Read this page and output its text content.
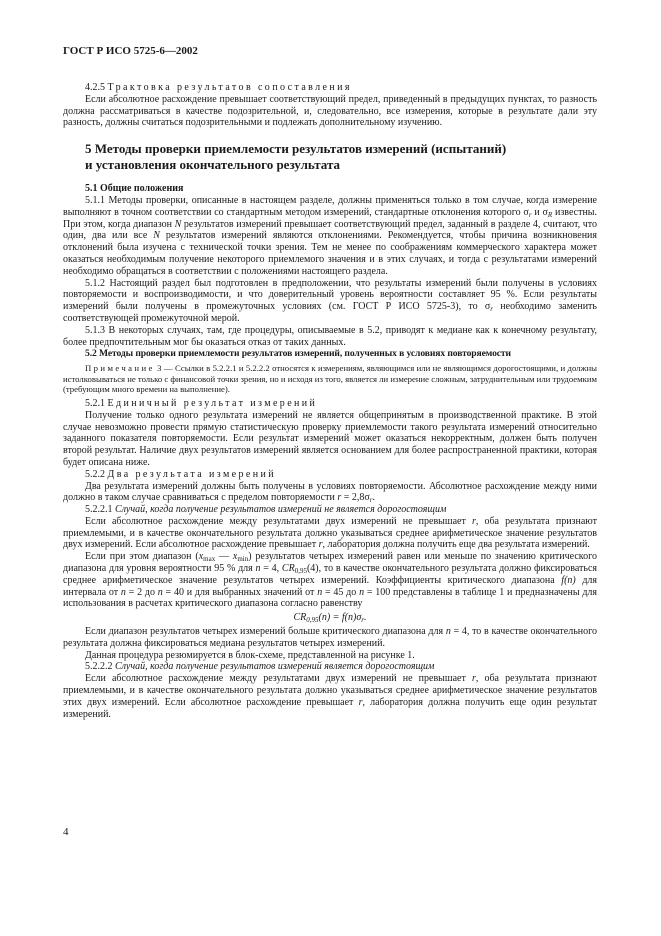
ГОСТ Р ИСО 5725-6—2002

4.2.5 Трактовка результатов сопоставления

Если абсолютное расхождение превышает соответствующий предел, приведенный в предыдущих пунктах, то разность должна рассматриваться в качестве подозрительной, и, следовательно, все измерения, которые в результате дали эту разность, должны считаться подозрительными и подлежать дополнительному изучению.

5 Методы проверки приемлемости результатов измерений (испытаний)
и установления окончательного результата

5.1 Общие положения

5.1.1 Методы проверки, описанные в настоящем разделе, должны применяться только в том случае, когда измерение выполняют в точном соответствии со стандартным методом измерений, стандартные отклонения которого $\sigma_r$ и $\sigma_R$ известны. При этом, когда диапазон N результатов измерений превышает соответствующий предел, заданный в разделе 4, считают, что один, два или все N результатов измерений являются отклонениями. Рекомендуется, чтобы причина возникновения отклонений была изучена с технической точки зрения. Тем не менее по соображениям коммерческого характера может оказаться необходимым получение некоторого приемлемого значения и в этих случаях, и тогда с результатами измерений необходимо обращаться в соответствии с положениями настоящего раздела.

5.1.2 Настоящий раздел был подготовлен в предположении, что результаты измерений были получены в условиях повторяемости и воспроизводимости, и что доверительный уровень вероятности составляет 95 %. Если результаты измерений были получены в промежуточных условиях (см. ГОСТ Р ИСО 5725-3), то $\sigma_r$ необходимо заменить соответствующей промежуточной мерой.

5.1.3 В некоторых случаях, там, где процедуры, описываемые в 5.2, приводят к медиане как к конечному результату, более предпочтительным мог бы оказаться отказ от таких данных.

5.2 Методы проверки приемлемости результатов измерений, полученных в условиях повторяемости

Примечание 3 — Ссылки в 5.2.2.1 и 5.2.2.2 относятся к измерениям, являющимся или не являющимся дорогостоящими, и должны истолковываться не только с финансовой точки зрения, но и исходя из того, является ли измерение сложным, затруднительным или трудоемким (требующим много времени на выполнение).

5.2.1 Единичный результат измерений

Получение только одного результата измерений не является общепринятым в производственной практике. В этой случае невозможно провести прямую статистическую проверку приемлемости такого результата измерений относительно заданного показателя повторяемости. Если результат измерений может оказаться некорректным, должен быть получен второй результат. Наличие двух результатов измерений является основанием для более распространенной практики, которая будет описана ниже.

5.2.2 Два результата измерений

Два результата измерений должны быть получены в условиях повторяемости. Абсолютное расхождение между ними должно в таком случае сравниваться с пределом повторяемости $r = 2,8\sigma_r$.

5.2.2.1 Случай, когда получение результатов измерений не является дорогостоящим

Если абсолютное расхождение между результатами двух измерений не превышает r, оба результата признают приемлемыми, и в качестве окончательного результата должно указываться среднее арифметическое значение результатов двух измерений. Если абсолютное расхождение превышает r, лаборатория должна получить еще два результата измерений.

Если при этом диапазон ($x_{max}$ — $x_{min}$) результатов четырех измерений равен или меньше по значению критического диапазона для уровня вероятности 95 % для n = 4, $CR_{0,95}(4)$, то в качестве окончательного результата должно фиксироваться среднее арифметическое значение результатов четырех измерений. Коэффициенты критического диапазона f(n) для интервала от n = 2 до n = 40 и для выбранных значений от n = 45 до n = 100 представлены в таблице 1 и предназначены для использования в расчетах критического диапазона согласно равенству

$CR_{0,95}(n) = f(n)\sigma_r$.

Если диапазон результатов четырех измерений больше критического диапазона для n = 4, то в качестве окончательного результата должна фиксироваться медиана результатов четырех измерений.

Данная процедура резюмируется в блок-схеме, представленной на рисунке 1.

5.2.2.2 Случай, когда получение результатов измерений является дорогостоящим

Если абсолютное расхождение между результатами двух измерений не превышает r, оба результата признают приемлемыми, и в качестве окончательного результата должно указываться среднее арифметическое значение результатов этих двух измерений. Если абсолютное расхождение превышает r, лаборатория должна получить еще один результат измерений.

4
